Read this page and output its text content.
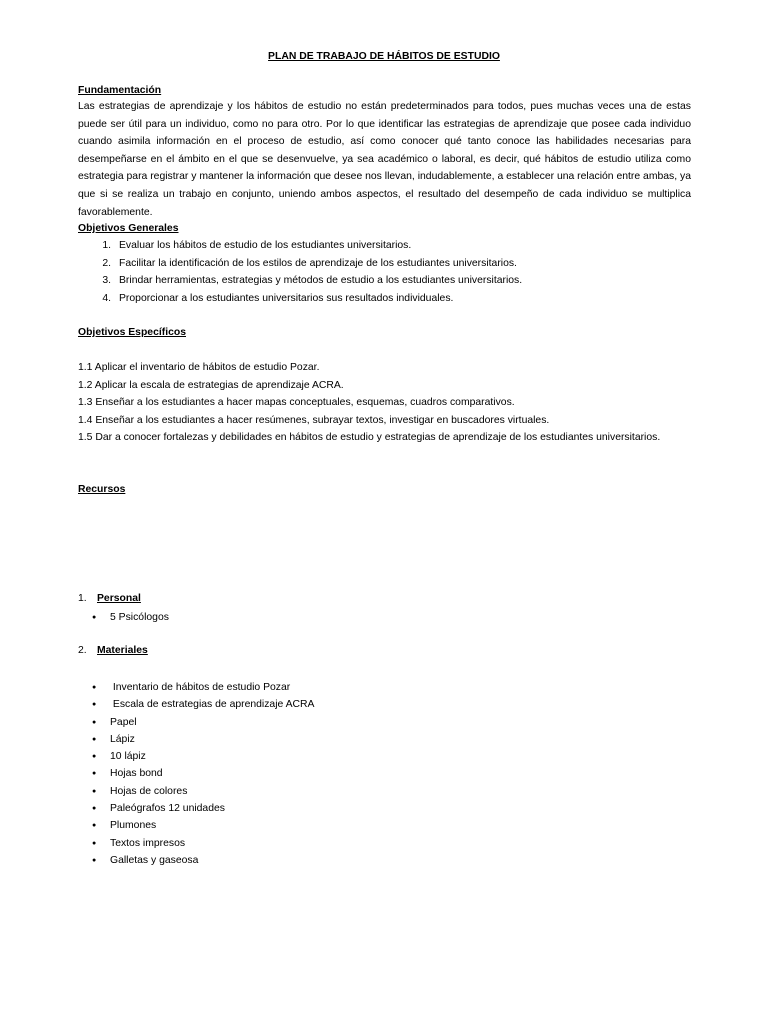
PLAN DE TRABAJO DE HÁBITOS DE ESTUDIO

Fundamentación

Las estrategias de aprendizaje y los hábitos de estudio no están predeterminados para todos, pues muchas veces una de estas puede ser útil para un individuo, como no para otro. Por lo que identificar las estrategias de aprendizaje que posee cada individuo cuando asimila información en el proceso de estudio, así como conocer qué tanto conoce las habilidades necesarias para desempeñarse en el ámbito en el que se desenvuelve, ya sea académico o laboral, es decir, qué hábitos de estudio utiliza como estrategia para registrar y mantener la información que desee nos llevan, indudablemente, a establecer una relación entre ambas, ya que si se realiza un trabajo en conjunto, uniendo ambos aspectos, el resultado del desempeño de cada individuo se multiplica favorablemente.

Objetivos Generales

1. Evaluar los hábitos de estudio de los estudiantes universitarios.
2. Facilitar la identificación de los estilos de aprendizaje de los estudiantes universitarios.
3. Brindar herramientas, estrategias y métodos de estudio a los estudiantes universitarios.
4. Proporcionar a los estudiantes universitarios sus resultados individuales.

Objetivos Específicos

1.1 Aplicar el inventario de hábitos de estudio Pozar.
1.2 Aplicar la escala de estrategias de aprendizaje ACRA.
1.3 Enseñar a los estudiantes a hacer mapas conceptuales, esquemas, cuadros comparativos.
1.4 Enseñar a los estudiantes a hacer resúmenes, subrayar textos, investigar en buscadores virtuales.
1.5 Dar a conocer fortalezas y debilidades en hábitos de estudio y estrategias de aprendizaje de los estudiantes universitarios.

Recursos

1. Personal

● 5 Psicólogos

2. Materiales

● Inventario de hábitos de estudio Pozar
● Escala de estrategias de aprendizaje ACRA
● Papel
● Lápiz
● 10 lápiz
● Hojas bond
● Hojas de colores
● Paleógrafos 12 unidades
● Plumones
● Textos impresos
● Galletas y gaseosa
